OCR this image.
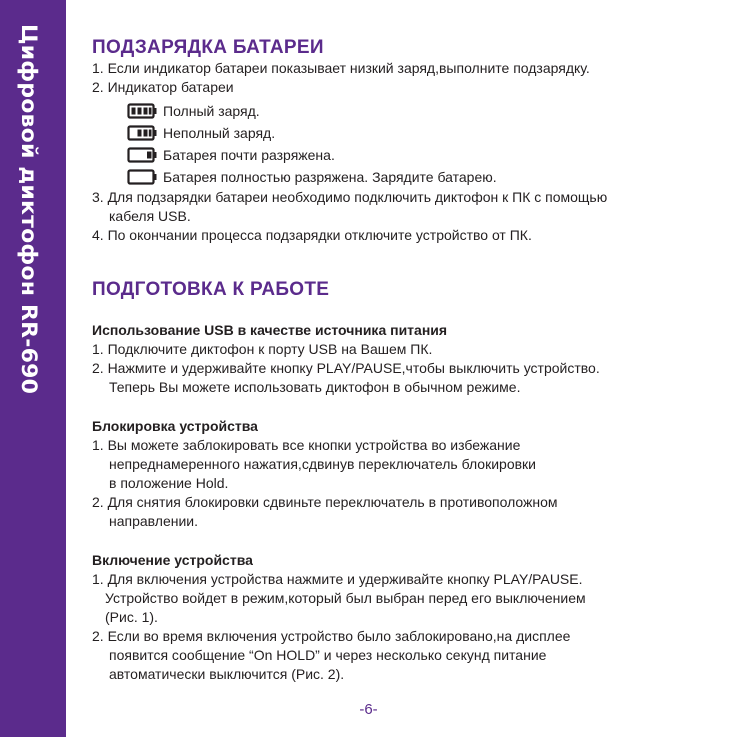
Цифровой диктофон RR-690	ПОДЗАРЯДКА БАТАРЕИ
1. Если индикатор батареи показывает низкий заряд,выполните подзарядку.
2. Индикатор батареи
Полный заряд.
Неполный заряд.
Батарея почти разряжена.
Батарея полностью разряжена. Зарядите батарею.
3. Для подзарядки батареи необходимо подключить диктофон к ПК с помощью
кабеля USB.
4. По окончании процесса подзарядки отключите устройство от ПК.
ПОДГОТОВКА К РАБОТЕ
Использование USB в качестве источника питания
1. Подключите диктофон к порту USB на Вашем ПК.
2. Нажмите и удерживайте кнопку PLAY/PAUSE,чтобы выключить устройство.
Теперь Вы можете использовать диктофон в обычном режиме.
Блокировка устройства
1. Вы можете заблокировать все кнопки устройства во избежание
непреднамеренного нажатия,сдвинув переключатель блокировки
в положение Hold.
2. Для снятия блокировки сдвиньте переключатель в противоположном
направлении.
Включение устройства
1. Для включения устройства нажмите и удерживайте кнопку PLAY/PAUSE.
Устройство войдет в режим,который был выбран перед его выключением
(Рис. 1).
2. Если во время включения устройство было заблокировано,на дисплее
появится сообщение “On HOLD” и через несколько секунд питание
автоматически выключится (Рис. 2).
-6-
